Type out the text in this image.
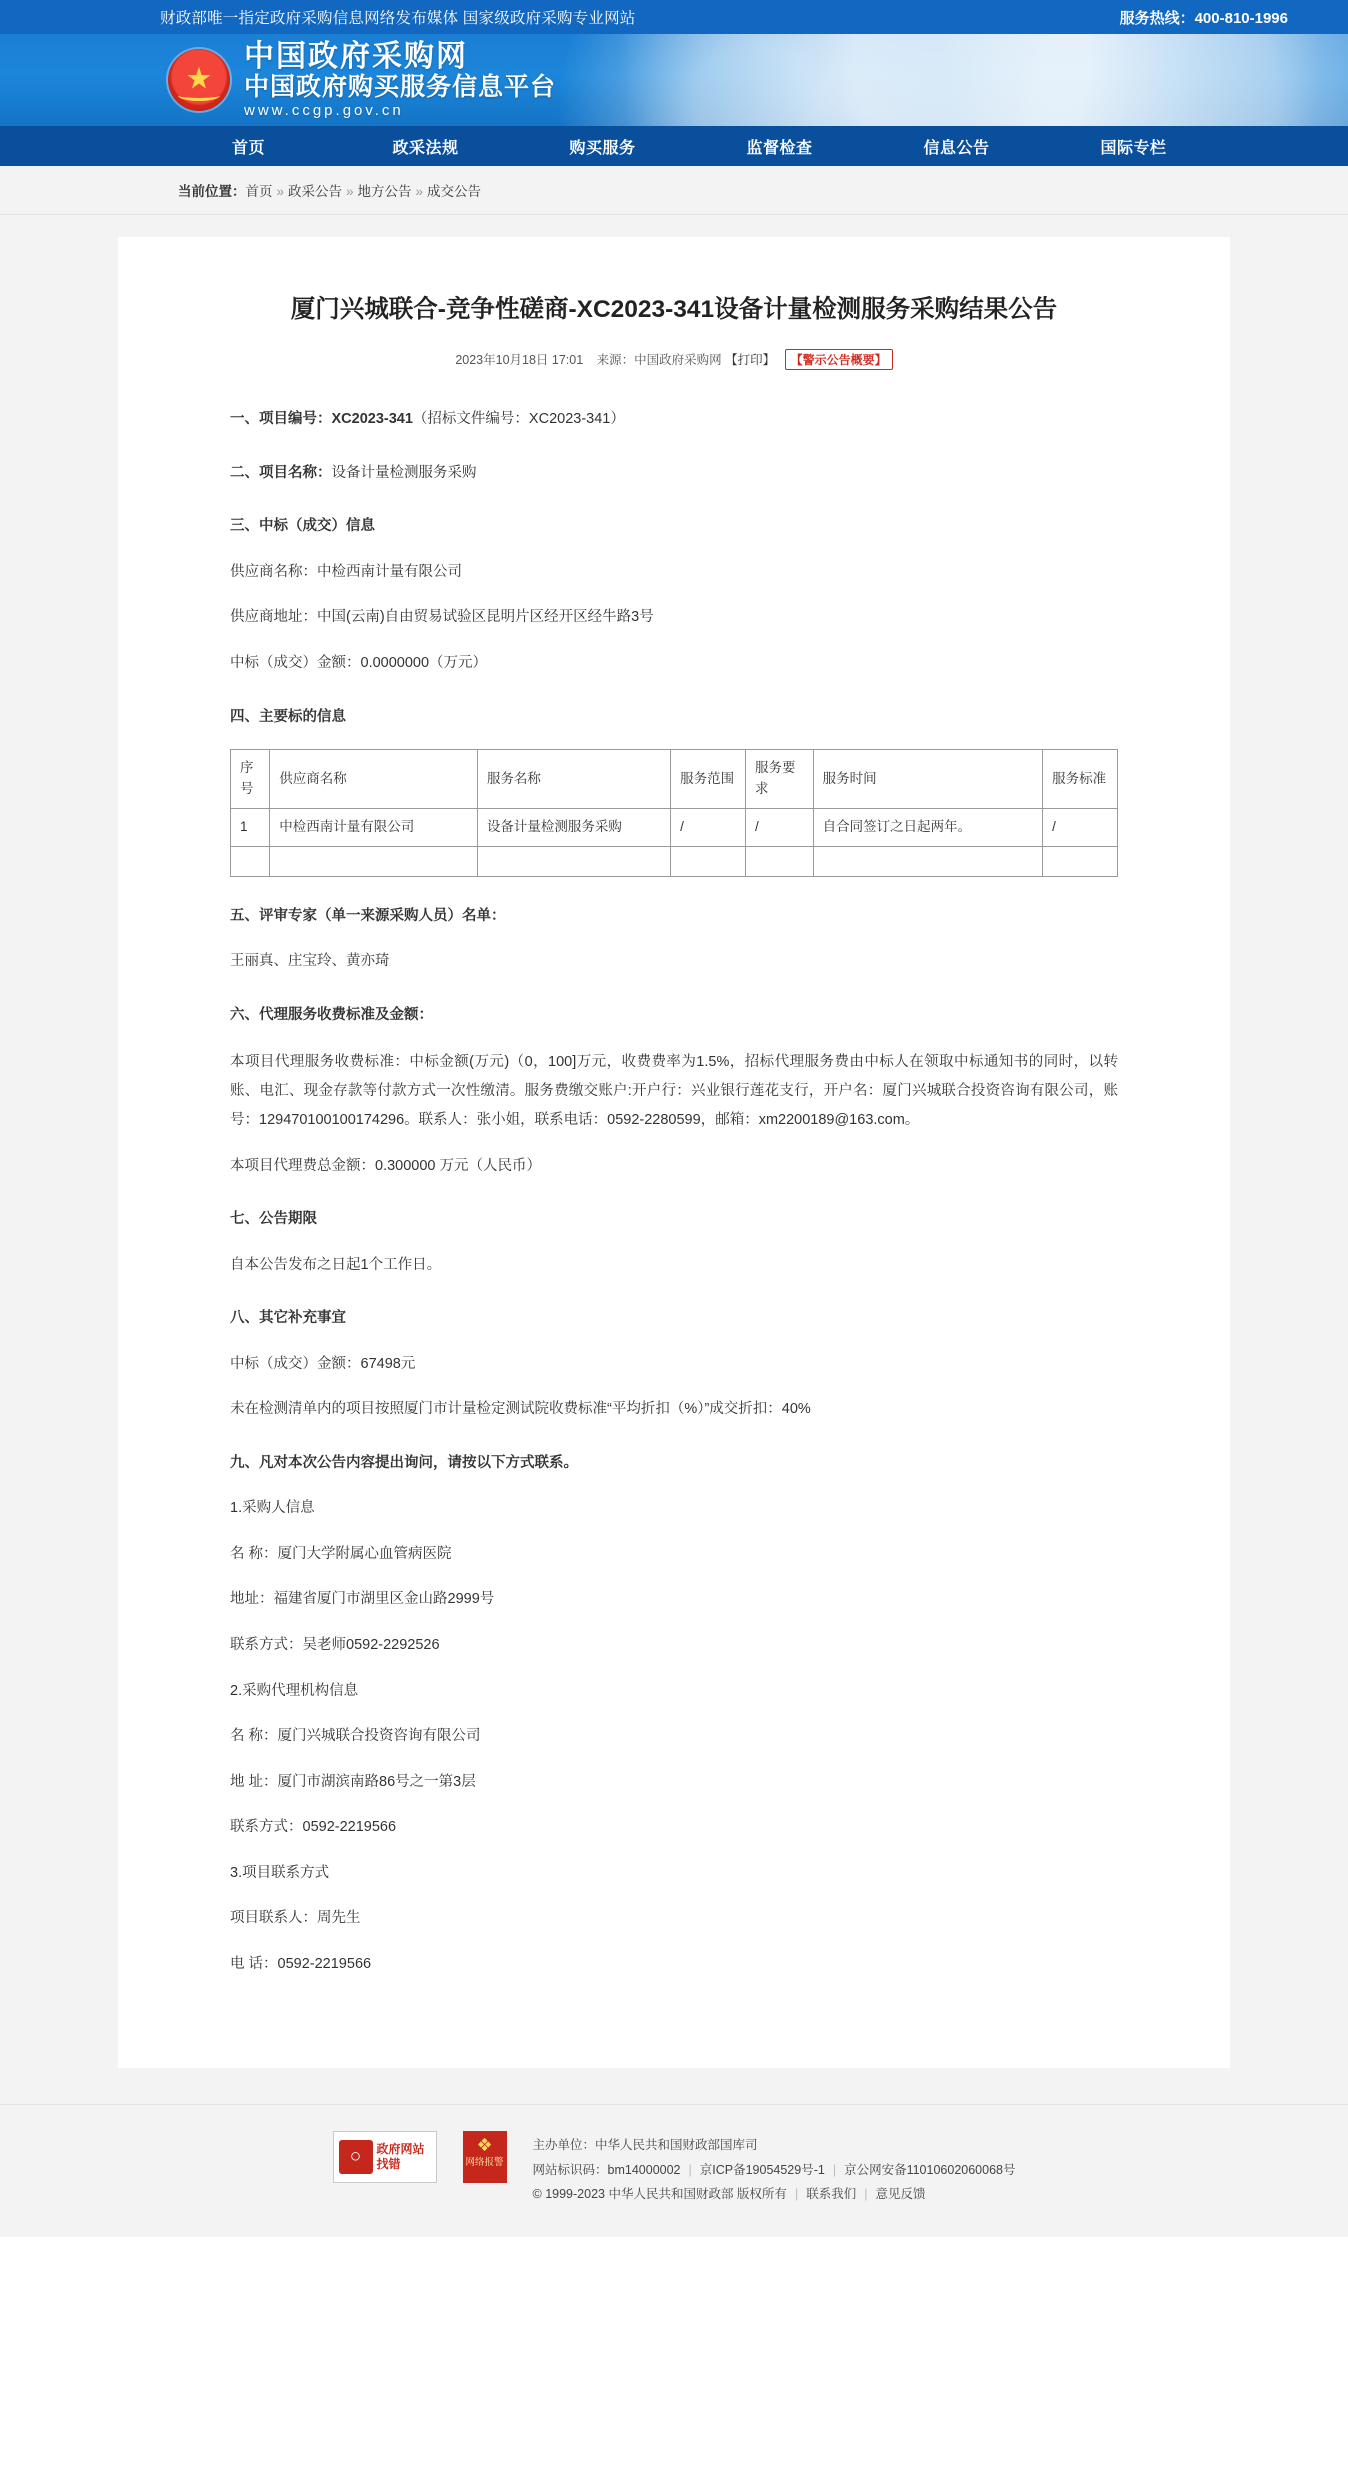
财政部唯一指定政府采购信息网络发布媒体 国家级政府采购专业网站	服务热线：400-810-1996
★
中国政府采购网
中国政府购买服务信息平台
www.ccgp.gov.cn
首页	政采法规	购买服务	监督检查	信息公告	国际专栏
当前位置：首页 » 政采公告 » 地方公告 » 成交公告
厦门兴城联合-竞争性磋商-XC2023-341设备计量检测服务采购结果公告
2023年10月18日 17:01 来源：中国政府采购网 【打印】 【警示公告概要】
一、项目编号：XC2023-341（招标文件编号：XC2023-341）
二、项目名称：设备计量检测服务采购
三、中标（成交）信息
供应商名称：中检西南计量有限公司
供应商地址：中国(云南)自由贸易试验区昆明片区经开区经牛路3号
中标（成交）金额：0.0000000（万元）
四、主要标的信息
序号	供应商名称	服务名称	服务范围	服务要求	服务时间	服务标准
1	中检西南计量有限公司	设备计量检测服务采购	/	/	自合同签订之日起两年。	/

五、评审专家（单一来源采购人员）名单：
王丽真、庄宝玲、黄亦琦
六、代理服务收费标准及金额：
本项目代理服务收费标准：中标金额(万元)（0，100]万元，收费费率为1.5%，招标代理服务费由中标人在领取中标通知书的同时，以转账、电汇、现金存款等付款方式一次性缴清。服务费缴交账户:开户行：兴业银行莲花支行，开户名：厦门兴城联合投资咨询有限公司，账号：129470100100174296。联系人：张小姐，联系电话：0592-2280599，邮箱：xm2200189@163.com。
本项目代理费总金额：0.300000 万元（人民币）
七、公告期限
自本公告发布之日起1个工作日。
八、其它补充事宜
中标（成交）金额：67498元
未在检测清单内的项目按照厦门市计量检定测试院收费标准“平均折扣（%）”成交折扣：40%
九、凡对本次公告内容提出询问，请按以下方式联系。
1.采购人信息
名 称：厦门大学附属心血管病医院
地址：福建省厦门市湖里区金山路2999号
联系方式：吴老师0592-2292526
2.采购代理机构信息
名 称：厦门兴城联合投资咨询有限公司
地 址：厦门市湖滨南路86号之一第3层
联系方式：0592-2219566
3.项目联系方式
项目联系人：周先生
电 话：0592-2219566
○	政府网站
找错
❖
网络报警
主办单位：中华人民共和国财政部国库司
网站标识码：bm14000002 | 京ICP备19054529号-1 | 京公网安备11010602060068号
© 1999-2023 中华人民共和国财政部 版权所有 | 联系我们 | 意见反馈
